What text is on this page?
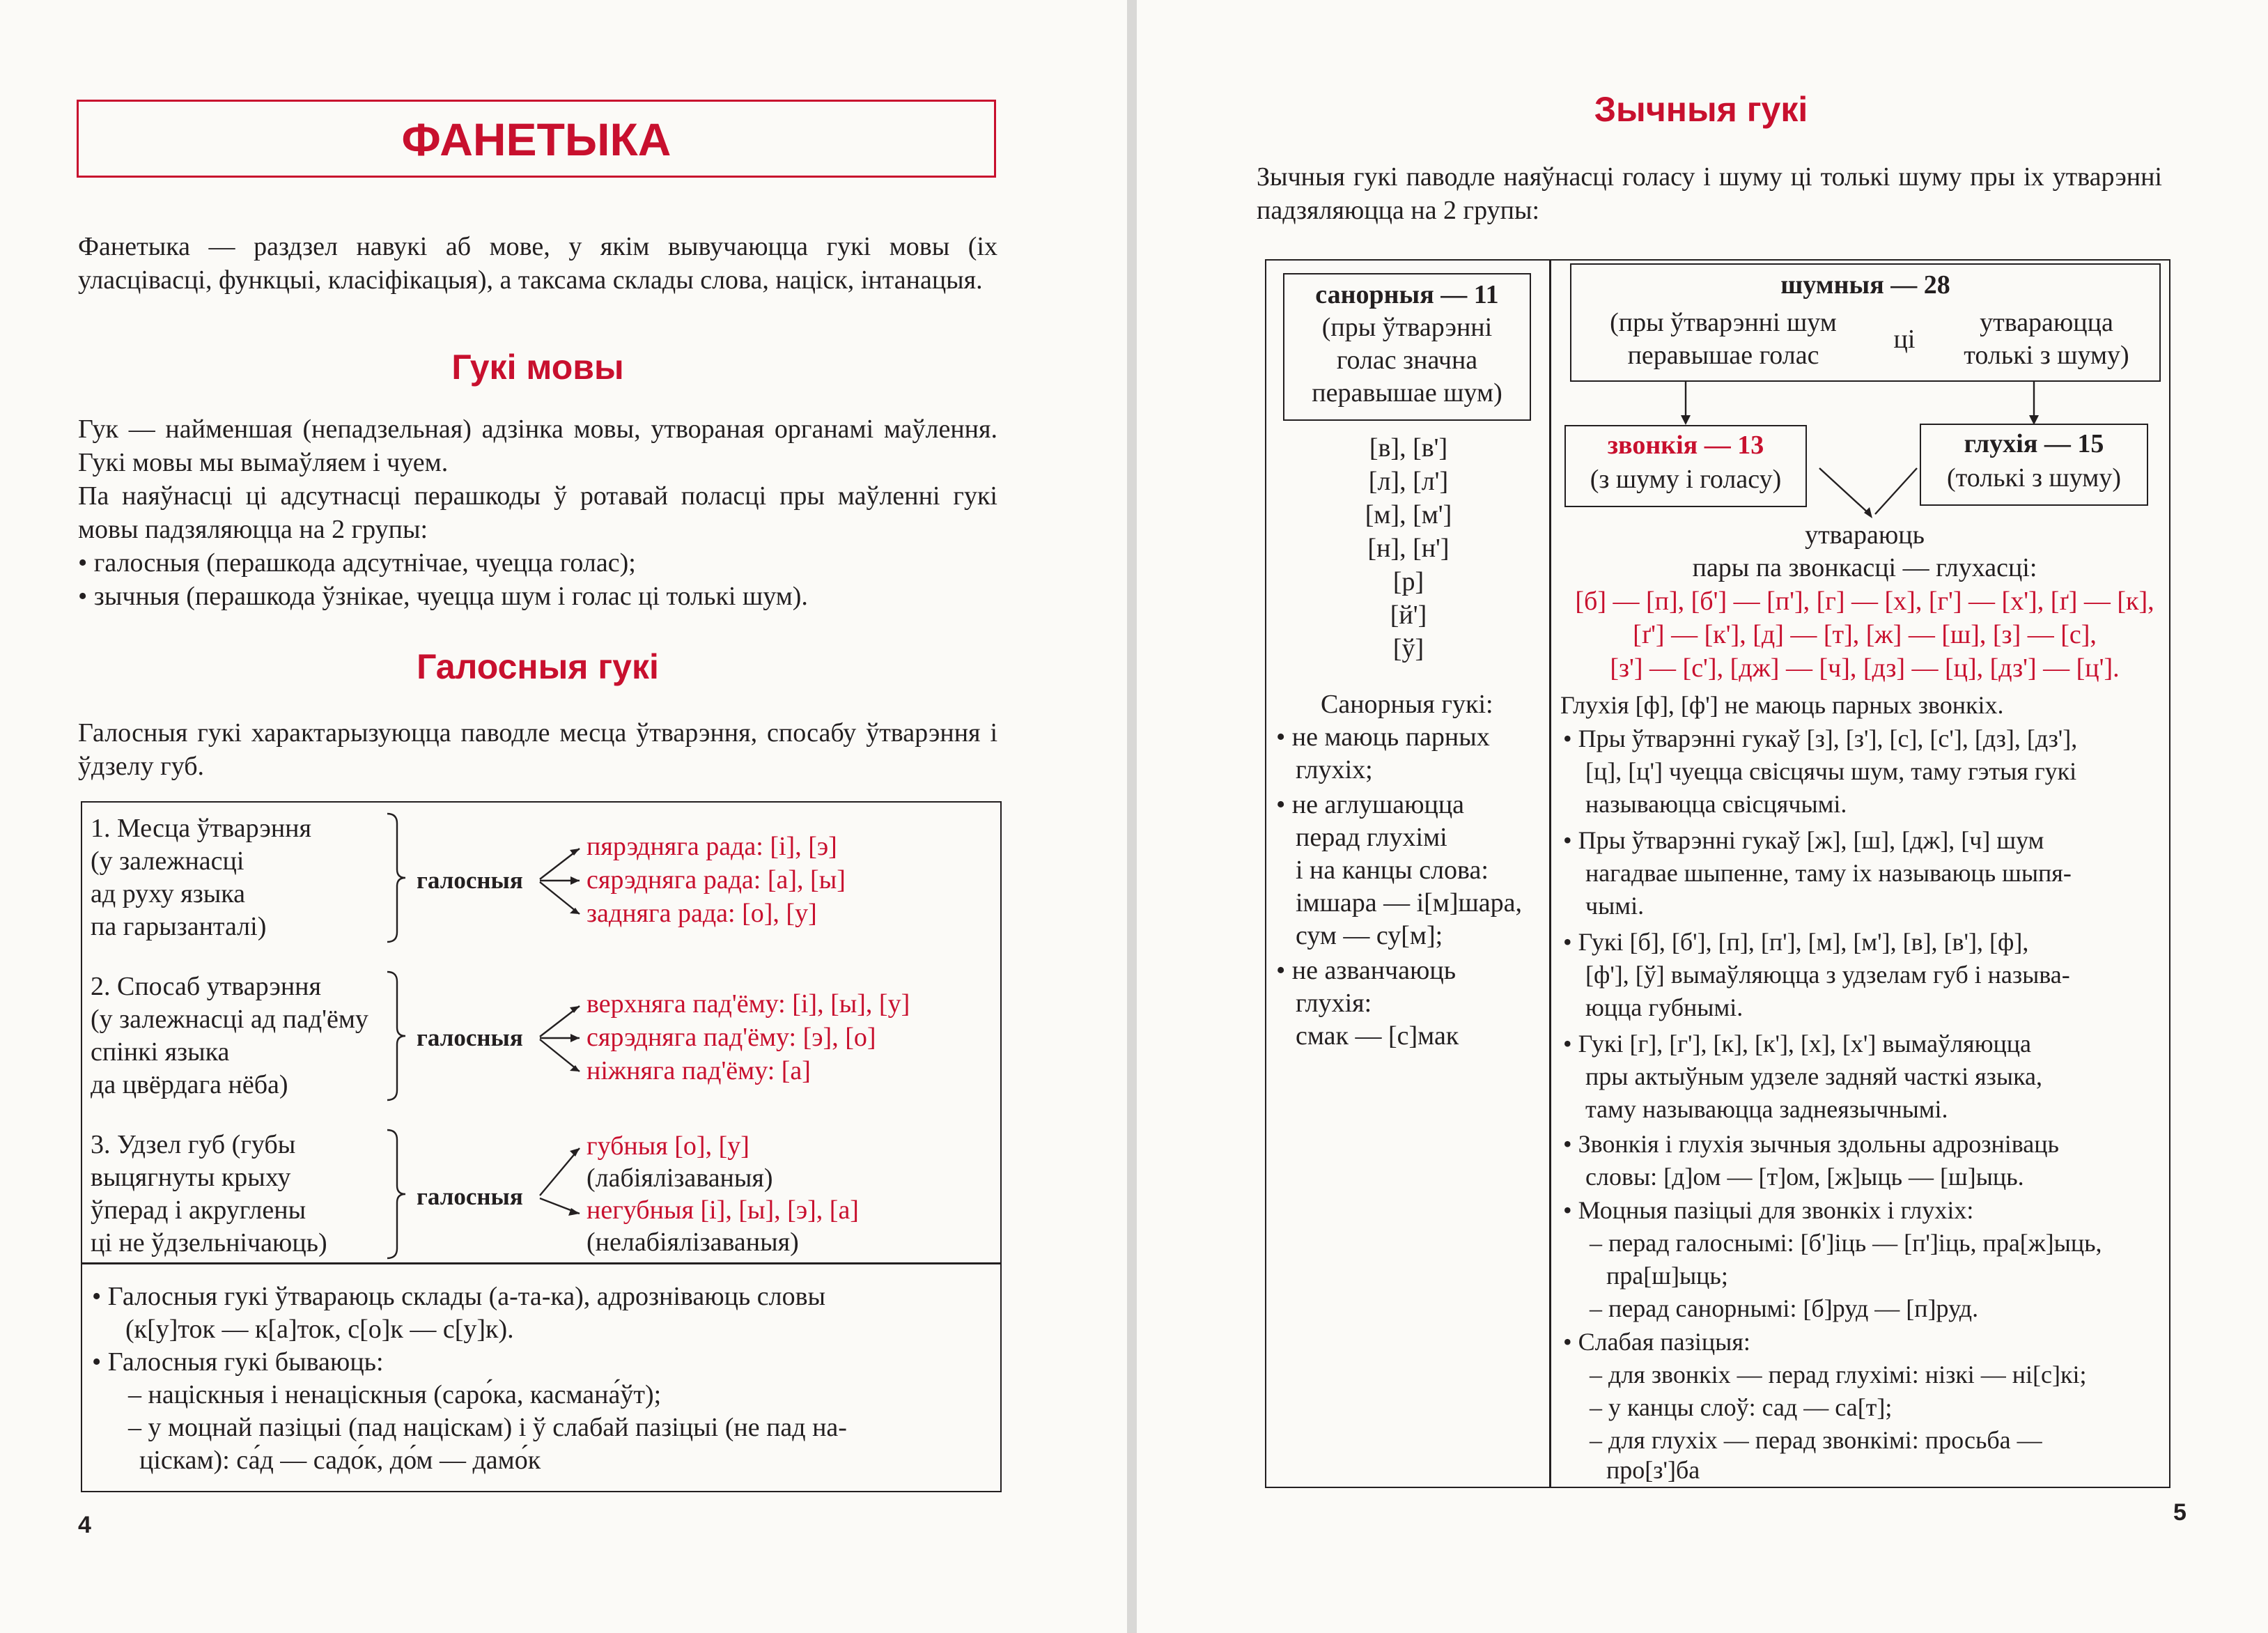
ФАНЕТЫКА
Фанетыка — раздзел навукі аб мове, у якім вывучаюцца гукі мовы (іх уласцівасці, функцыі, класіфікацыя), а таксама склады слова, націск, інтанацыя.
Гукі мовы
Гук — найменшая (непадзельная) адзінка мовы, утвораная органамі маўлення. Гукі мовы мы вымаўляем і чуем.
Па наяўнасці ці адсутнасці перашкоды ў ротавай поласці пры маўленні гукі мовы падзяляюцца на 2 групы:
• галосныя (перашкода адсутнічае, чуецца голас);
• зычныя (перашкода ўзнікае, чуецца шум і голас ці толькі шум).
Галосныя гукі
Галосныя гукі характарызуюцца паводле месца ўтварэння, спосабу ўтварэння і ўдзелу губ.
1. Месца ўтварэння
(у залежнасці
ад руху языка
па гарызанталі)
галосныя
пярэдняга рада: [і], [э]
сярэдняга рада: [а], [ы]
задняга рада: [о], [у]
2. Спосаб утварэння
(у залежнасці ад пад'ёму
спінкі языка
да цвёрдага нёба)
галосныя
верхняга пад'ёму: [і], [ы], [у]
сярэдняга пад'ёму: [э], [о]
ніжняга пад'ёму: [а]
3. Удзел губ (губы
выцягнуты крыху
ўперад і акруглены
ці не ўдзельнічаюць)
галосныя
губныя [о], [у]
(лабіялізаваныя)
негубныя [і], [ы], [э], [а]
(нелабіялізаваныя)
• Галосныя гукі ўтвараюць склады (а-та-ка), адрозніваюць словы
(к[у]ток — к[а]ток, с[о]к — с[у]к).
• Галосныя гукі бываюць:
– націскныя і ненаціскныя (саро́ка, касмана́ўт);
– у моцнай пазіцыі (пад націскам) і ў слабай пазіцыі (не пад на-
ціскам): са́д — садо́к, до́м — дамо́к
4
Зычныя гукі
Зычныя гукі паводле наяўнасці голасу і шуму ці толькі шуму пры іх утварэнні падзяляюцца на 2 групы:
санорныя — 11
(пры ўтварэнні
голас значна
перавышае шум)
[в], [в']
[л], [л']
[м], [м']
[н], [н']
[р]
[й']
[ў]
Санорныя гукі:
• не маюць парных
глухіх;
• не аглушаюцца
перад глухімі
і на канцы слова:
імшара — і[м]шара,
сум — су[м];
• не азванчаюць
глухія:
смак — [с]мак
шумныя — 28
(пры ўтварэнні шум
перавышае голас
ці
утвараюцца
толькі з шуму)
звонкія — 13
(з шуму і голасу)
глухія — 15
(толькі з шуму)
утвараюць
пары па звонкасці — глухасці:
[б] — [п], [б'] — [п'], [г] — [х], [г'] — [х'], [ґ] — [к],
[ґ'] — [к'], [д] — [т], [ж] — [ш], [з] — [с],
[з'] — [с'], [дж] — [ч], [дз] — [ц], [дз'] — [ц'].
Глухія [ф], [ф'] не маюць парных звонкіх.
• Пры ўтварэнні гукаў [з], [з'], [с], [с'], [дз], [дз'],
[ц], [ц'] чуецца свісцячы шум, таму гэтыя гукі
называюцца свісцячымі.
• Пры ўтварэнні гукаў [ж], [ш], [дж], [ч] шум
нагадвае шыпенне, таму іх называюць шыпя-
чымі.
• Гукі [б], [б'], [п], [п'], [м], [м'], [в], [в'], [ф],
[ф'], [ў] вымаўляюцца з удзелам губ і называ-
юцца губнымі.
• Гукі [г], [г'], [к], [к'], [х], [х'] вымаўляюцца
пры актыўным удзеле задняй часткі языка,
таму называюцца заднеязычнымі.
• Звонкія і глухія зычныя здольны адрозніваць
словы: [д]ом — [т]ом, [ж]ыць — [ш]ыць.
• Моцныя пазіцыі для звонкіх і глухіх:
– перад галоснымі: [б']іць — [п']іць, пра[ж]ыць,
пра[ш]ыць;
– перад санорнымі: [б]руд — [п]руд.
• Слабая пазіцыя:
– для звонкіх — перад глухімі: нізкі — ні[с]кі;
– у канцы слоў: сад — са[т];
– для глухіх — перад звонкімі: просьба —
про[з']ба
5
